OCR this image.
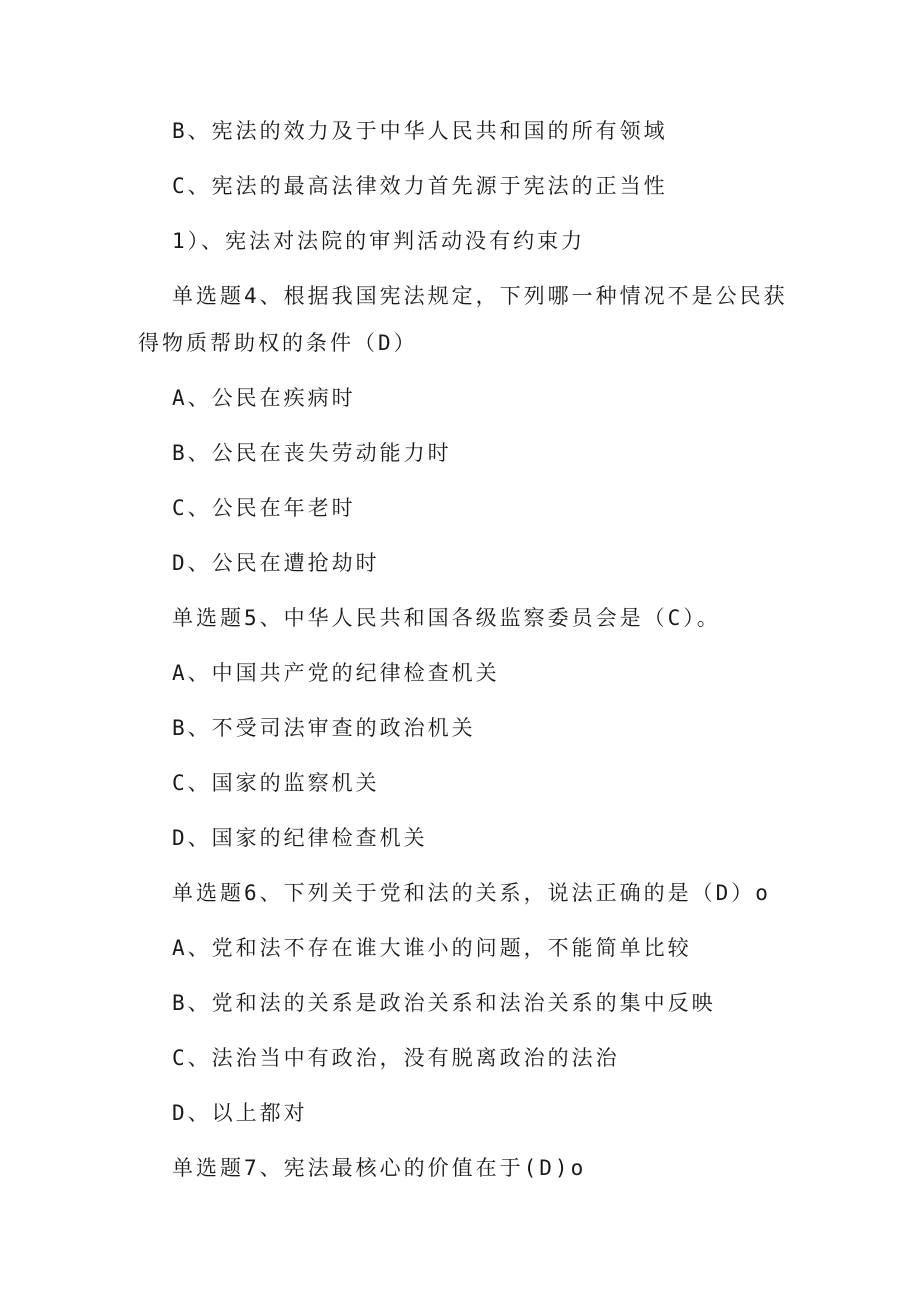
B、宪法的效力及于中华人民共和国的所有领域
C、宪法的最高法律效力首先源于宪法的正当性
1）、宪法对法院的审判活动没有约束力
单选题4、根据我国宪法规定，下列哪一种情况不是公民获
得物质帮助权的条件（D）
A、公民在疾病时
B、公民在丧失劳动能力时
C、公民在年老时
D、公民在遭抢劫时
单选题5、中华人民共和国各级监察委员会是（C）。
A、中国共产党的纪律检查机关
B、不受司法审查的政治机关
C、国家的监察机关
D、国家的纪律检查机关
单选题6、下列关于党和法的关系，说法正确的是（D）o
A、党和法不存在谁大谁小的问题，不能简单比较
B、党和法的关系是政治关系和法治关系的集中反映
C、法治当中有政治，没有脱离政治的法治
D、以上都对
单选题7、宪法最核心的价值在于(D)o
